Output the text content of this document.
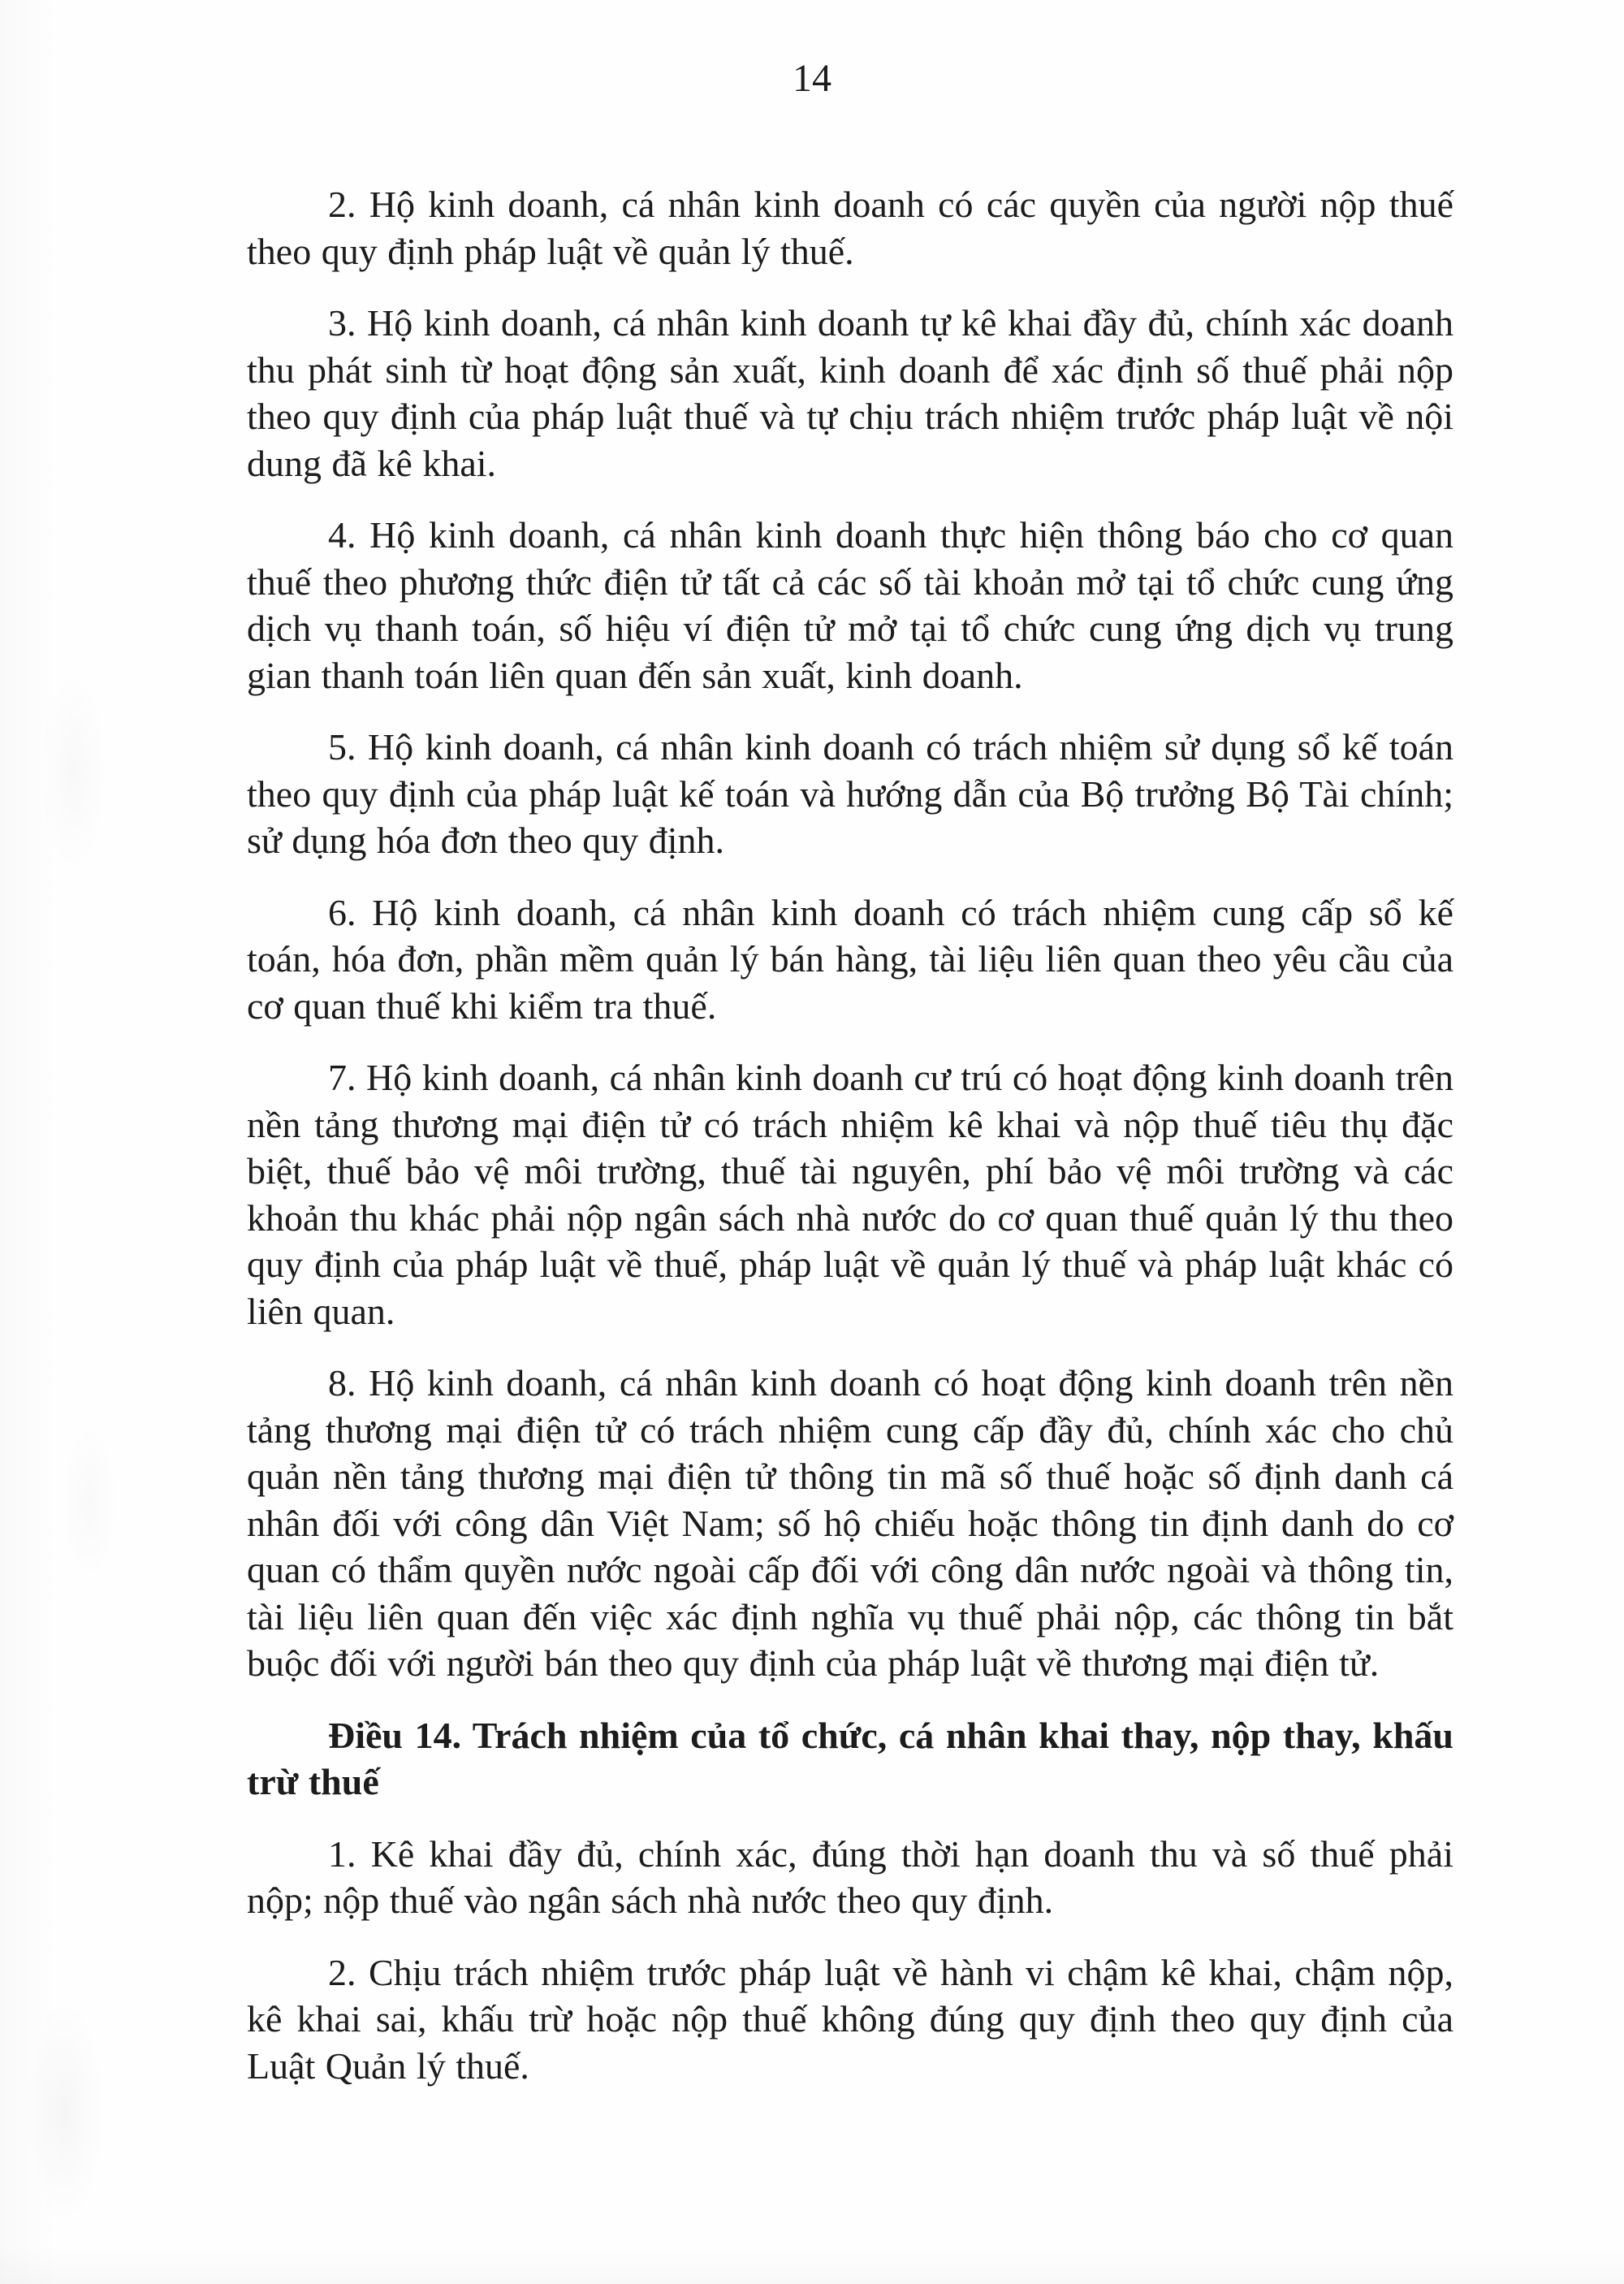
14

2. Hộ kinh doanh, cá nhân kinh doanh có các quyền của người nộp thuế theo quy định pháp luật về quản lý thuế.

3. Hộ kinh doanh, cá nhân kinh doanh tự kê khai đầy đủ, chính xác doanh thu phát sinh từ hoạt động sản xuất, kinh doanh để xác định số thuế phải nộp theo quy định của pháp luật thuế và tự chịu trách nhiệm trước pháp luật về nội dung đã kê khai.

4. Hộ kinh doanh, cá nhân kinh doanh thực hiện thông báo cho cơ quan thuế theo phương thức điện tử tất cả các số tài khoản mở tại tổ chức cung ứng dịch vụ thanh toán, số hiệu ví điện tử mở tại tổ chức cung ứng dịch vụ trung gian thanh toán liên quan đến sản xuất, kinh doanh.

5. Hộ kinh doanh, cá nhân kinh doanh có trách nhiệm sử dụng sổ kế toán theo quy định của pháp luật kế toán và hướng dẫn của Bộ trưởng Bộ Tài chính; sử dụng hóa đơn theo quy định.

6. Hộ kinh doanh, cá nhân kinh doanh có trách nhiệm cung cấp sổ kế toán, hóa đơn, phần mềm quản lý bán hàng, tài liệu liên quan theo yêu cầu của cơ quan thuế khi kiểm tra thuế.

7. Hộ kinh doanh, cá nhân kinh doanh cư trú có hoạt động kinh doanh trên nền tảng thương mại điện tử có trách nhiệm kê khai và nộp thuế tiêu thụ đặc biệt, thuế bảo vệ môi trường, thuế tài nguyên, phí bảo vệ môi trường và các khoản thu khác phải nộp ngân sách nhà nước do cơ quan thuế quản lý thu theo quy định của pháp luật về thuế, pháp luật về quản lý thuế và pháp luật khác có liên quan.

8. Hộ kinh doanh, cá nhân kinh doanh có hoạt động kinh doanh trên nền tảng thương mại điện tử có trách nhiệm cung cấp đầy đủ, chính xác cho chủ quản nền tảng thương mại điện tử thông tin mã số thuế hoặc số định danh cá nhân đối với công dân Việt Nam; số hộ chiếu hoặc thông tin định danh do cơ quan có thẩm quyền nước ngoài cấp đối với công dân nước ngoài và thông tin, tài liệu liên quan đến việc xác định nghĩa vụ thuế phải nộp, các thông tin bắt buộc đối với người bán theo quy định của pháp luật về thương mại điện tử.

Điều 14. Trách nhiệm của tổ chức, cá nhân khai thay, nộp thay, khấu trừ thuế

1. Kê khai đầy đủ, chính xác, đúng thời hạn doanh thu và số thuế phải nộp; nộp thuế vào ngân sách nhà nước theo quy định.

2. Chịu trách nhiệm trước pháp luật về hành vi chậm kê khai, chậm nộp, kê khai sai, khấu trừ hoặc nộp thuế không đúng quy định theo quy định của Luật Quản lý thuế.
